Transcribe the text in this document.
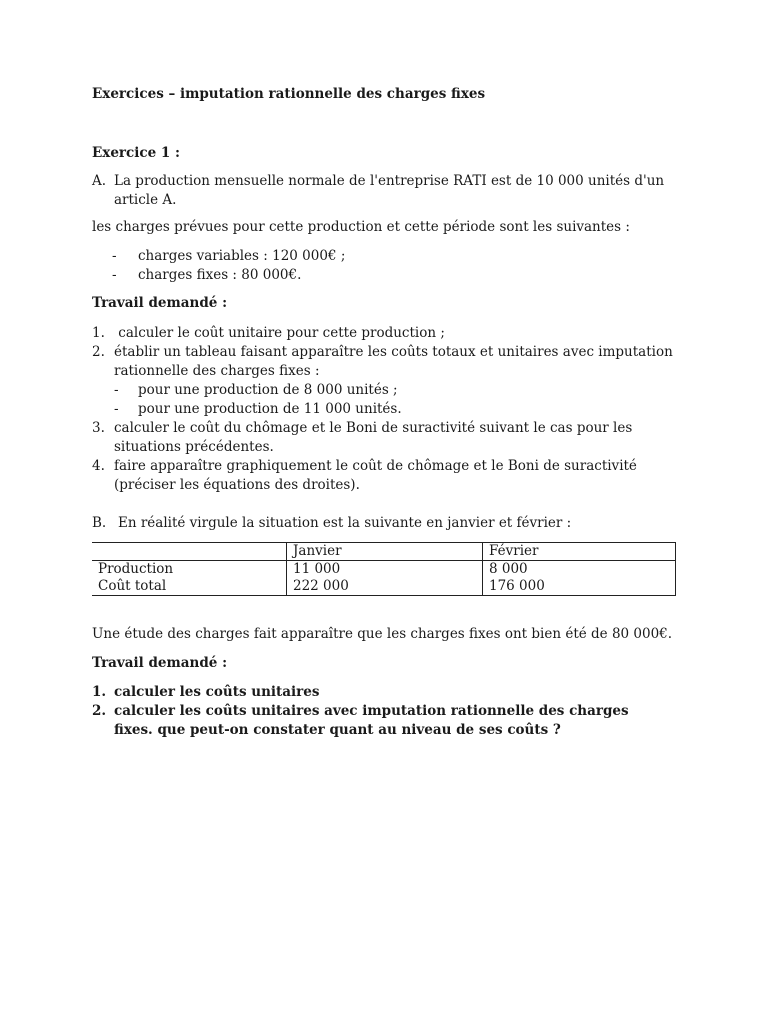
Exercices – imputation rationnelle des charges fixes
Exercice 1 :
A. La production mensuelle normale de l'entreprise RATI est de 10 000 unités d'un article A.
les charges prévues pour cette production et cette période sont les suivantes :
- charges variables : 120 000€ ;
- charges fixes : 80 000€.
Travail demandé :
1. calculer le coût unitaire pour cette production ;
2. établir un tableau faisant apparaître les coûts totaux et unitaires avec imputation rationnelle des charges fixes :
- pour une production de 8 000 unités ;
- pour une production de 11 000 unités.
3. calculer le coût du chômage et le Boni de suractivité suivant le cas pour les situations précédentes.
4. faire apparaître graphiquement le coût de chômage et le Boni de suractivité (préciser les équations des droites).
B. En réalité virgule la situation est la suivante en janvier et février :
	Janvier	Février
Production	11 000	8 000
Coût total	222 000	176 000
Une étude des charges fait apparaître que les charges fixes ont bien été de 80 000€.
Travail demandé :
1. calculer les coûts unitaires
2. calculer les coûts unitaires avec imputation rationnelle des charges fixes. que peut-on constater quant au niveau de ses coûts ?
